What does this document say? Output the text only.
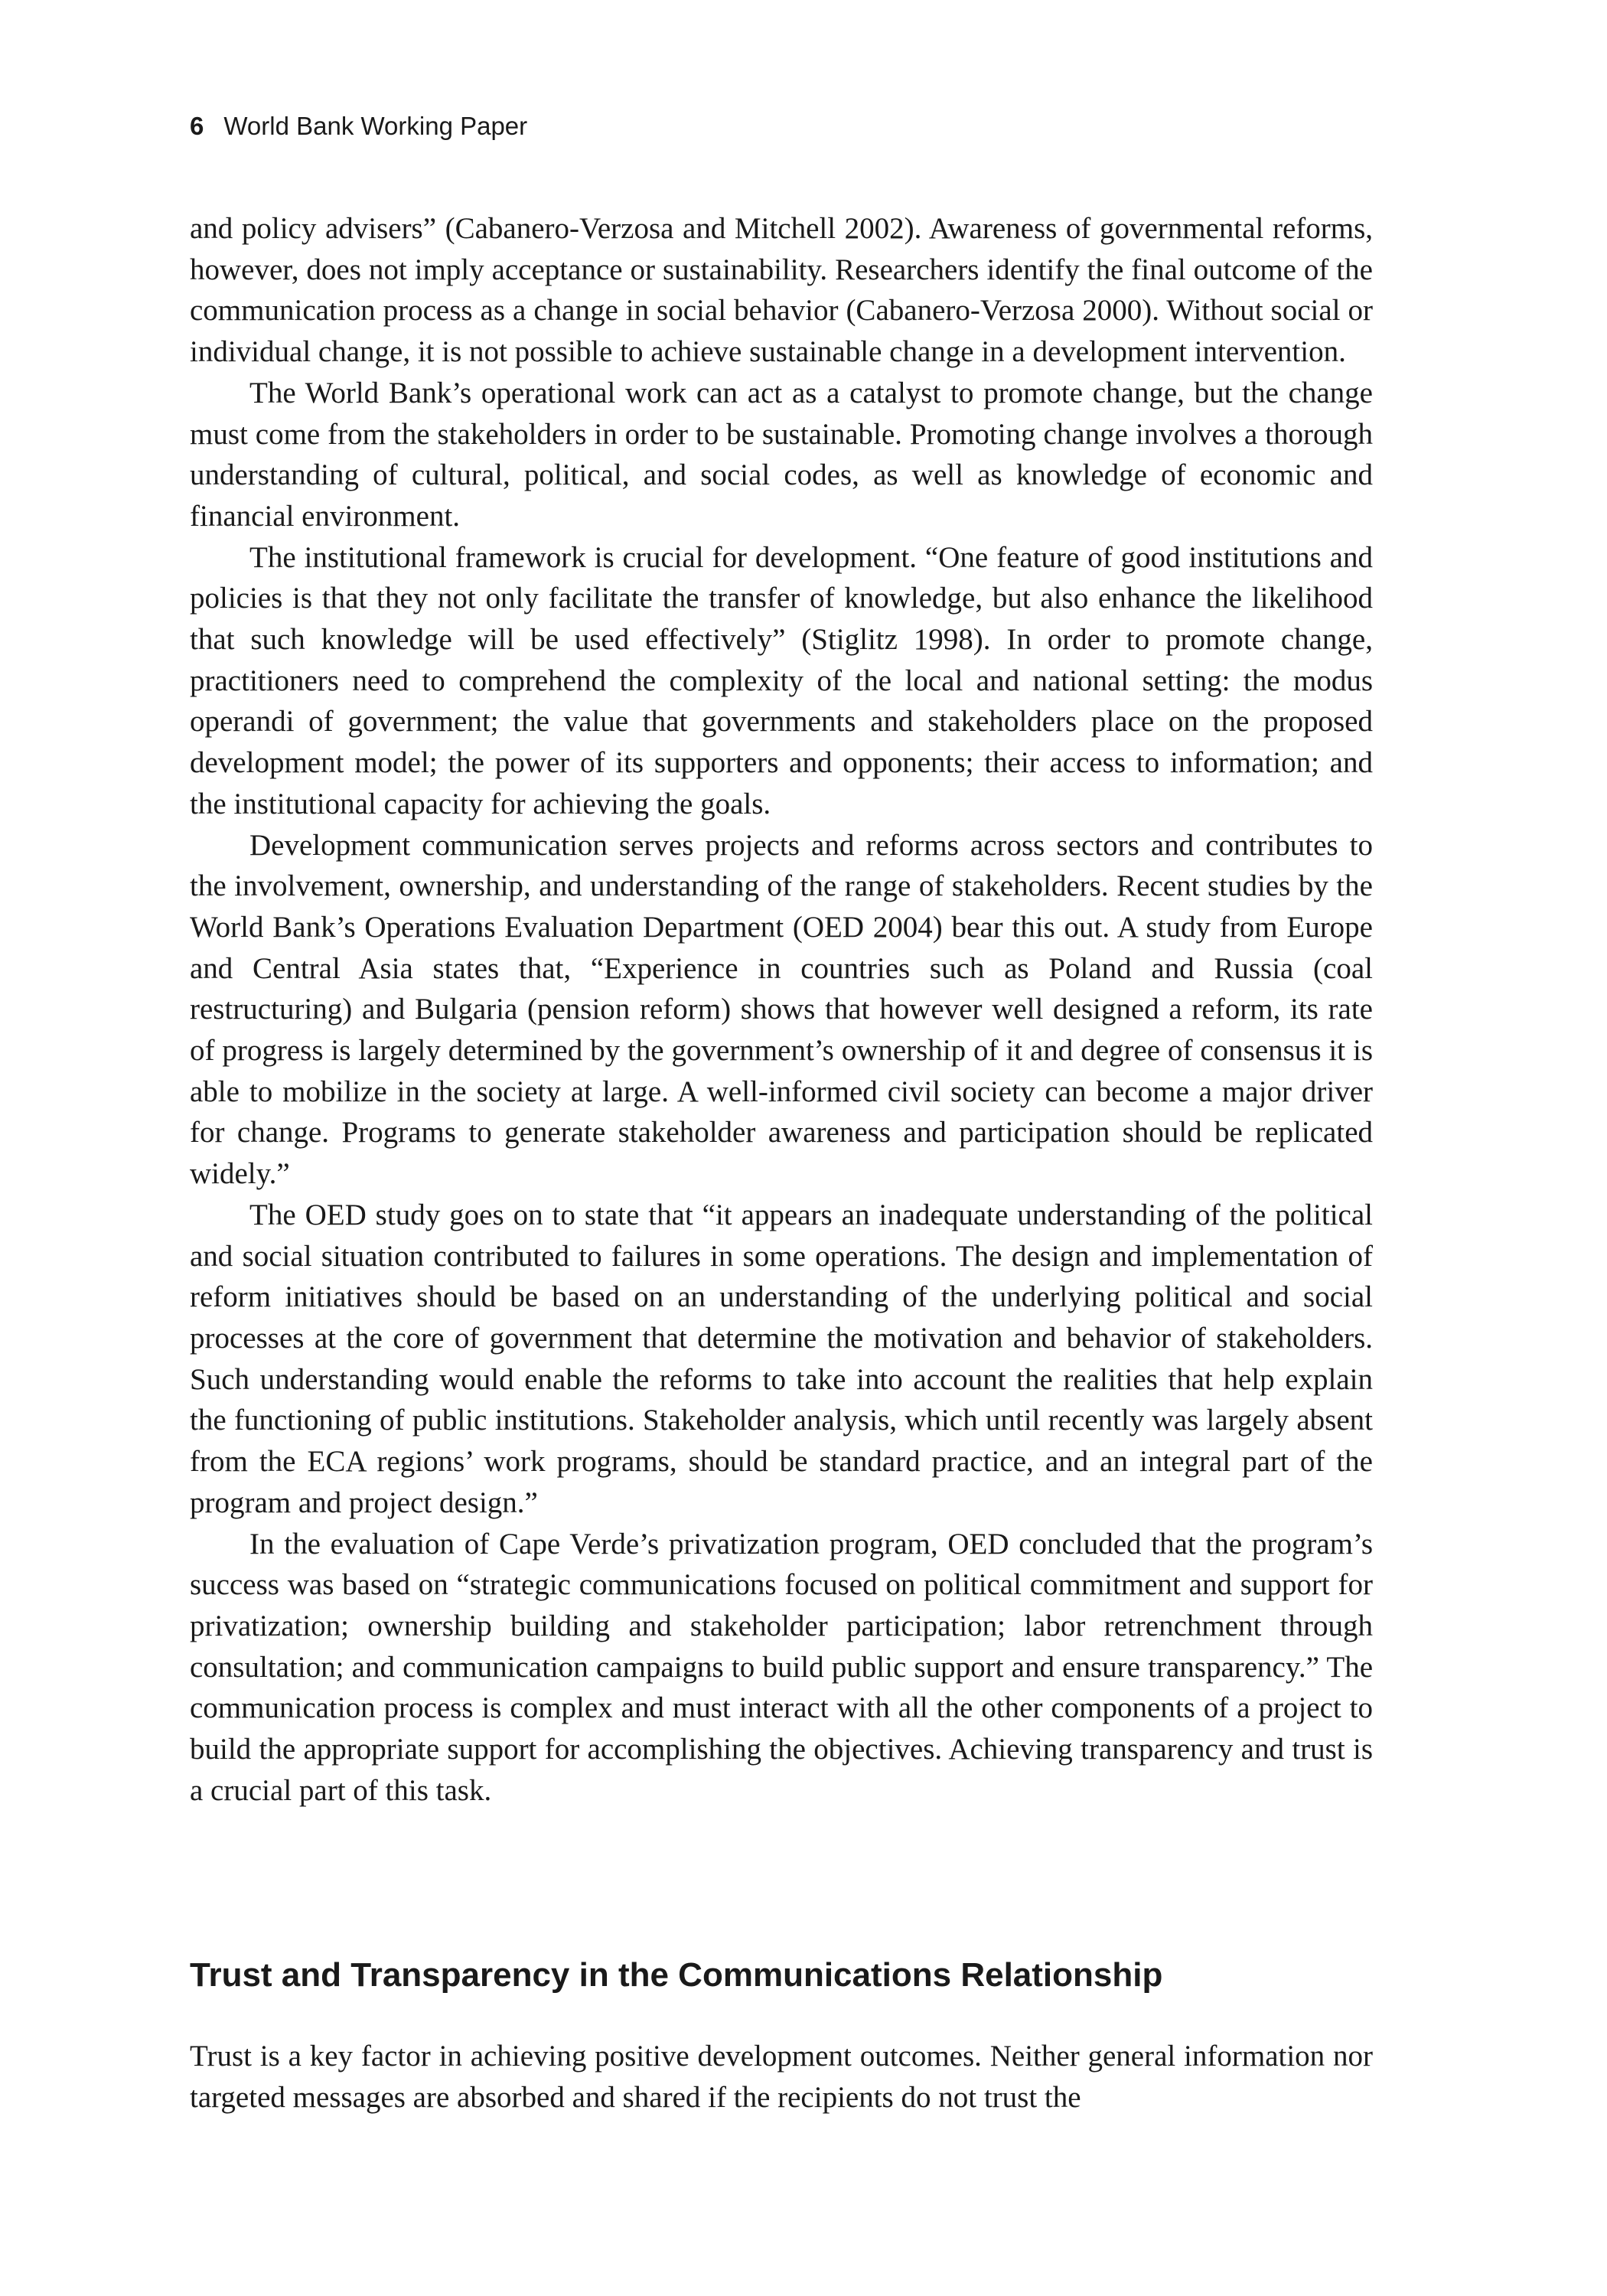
6 World Bank Working Paper

and policy advisers” (Cabanero-Verzosa and Mitchell 2002). Awareness of governmental reforms, however, does not imply acceptance or sustainability. Researchers identify the final outcome of the communication process as a change in social behavior (Cabanero-Verzosa 2000). Without social or individual change, it is not possible to achieve sustainable change in a development intervention.

The World Bank’s operational work can act as a catalyst to promote change, but the change must come from the stakeholders in order to be sustainable. Promoting change involves a thorough understanding of cultural, political, and social codes, as well as knowledge of economic and financial environment.

The institutional framework is crucial for development. “One feature of good institutions and policies is that they not only facilitate the transfer of knowledge, but also enhance the likelihood that such knowledge will be used effectively” (Stiglitz 1998). In order to promote change, practitioners need to comprehend the complexity of the local and national setting: the modus operandi of government; the value that governments and stakeholders place on the proposed development model; the power of its supporters and opponents; their access to information; and the institutional capacity for achieving the goals.

Development communication serves projects and reforms across sectors and contributes to the involvement, ownership, and understanding of the range of stakeholders. Recent studies by the World Bank’s Operations Evaluation Department (OED 2004) bear this out. A study from Europe and Central Asia states that, “Experience in countries such as Poland and Russia (coal restructuring) and Bulgaria (pension reform) shows that however well designed a reform, its rate of progress is largely determined by the government’s ownership of it and degree of consensus it is able to mobilize in the society at large. A well-informed civil society can become a major driver for change. Programs to generate stakeholder awareness and participation should be replicated widely.”

The OED study goes on to state that “it appears an inadequate understanding of the political and social situation contributed to failures in some operations. The design and implementation of reform initiatives should be based on an understanding of the underlying political and social processes at the core of government that determine the motivation and behavior of stakeholders. Such understanding would enable the reforms to take into account the realities that help explain the functioning of public institutions. Stakeholder analysis, which until recently was largely absent from the ECA regions’ work programs, should be standard practice, and an integral part of the program and project design.”

In the evaluation of Cape Verde’s privatization program, OED concluded that the program’s success was based on “strategic communications focused on political commitment and support for privatization; ownership building and stakeholder participation; labor retrenchment through consultation; and communication campaigns to build public support and ensure transparency.” The communication process is complex and must interact with all the other components of a project to build the appropriate support for accomplishing the objectives. Achieving transparency and trust is a crucial part of this task.

Trust and Transparency in the Communications Relationship

Trust is a key factor in achieving positive development outcomes. Neither general information nor targeted messages are absorbed and shared if the recipients do not trust the
